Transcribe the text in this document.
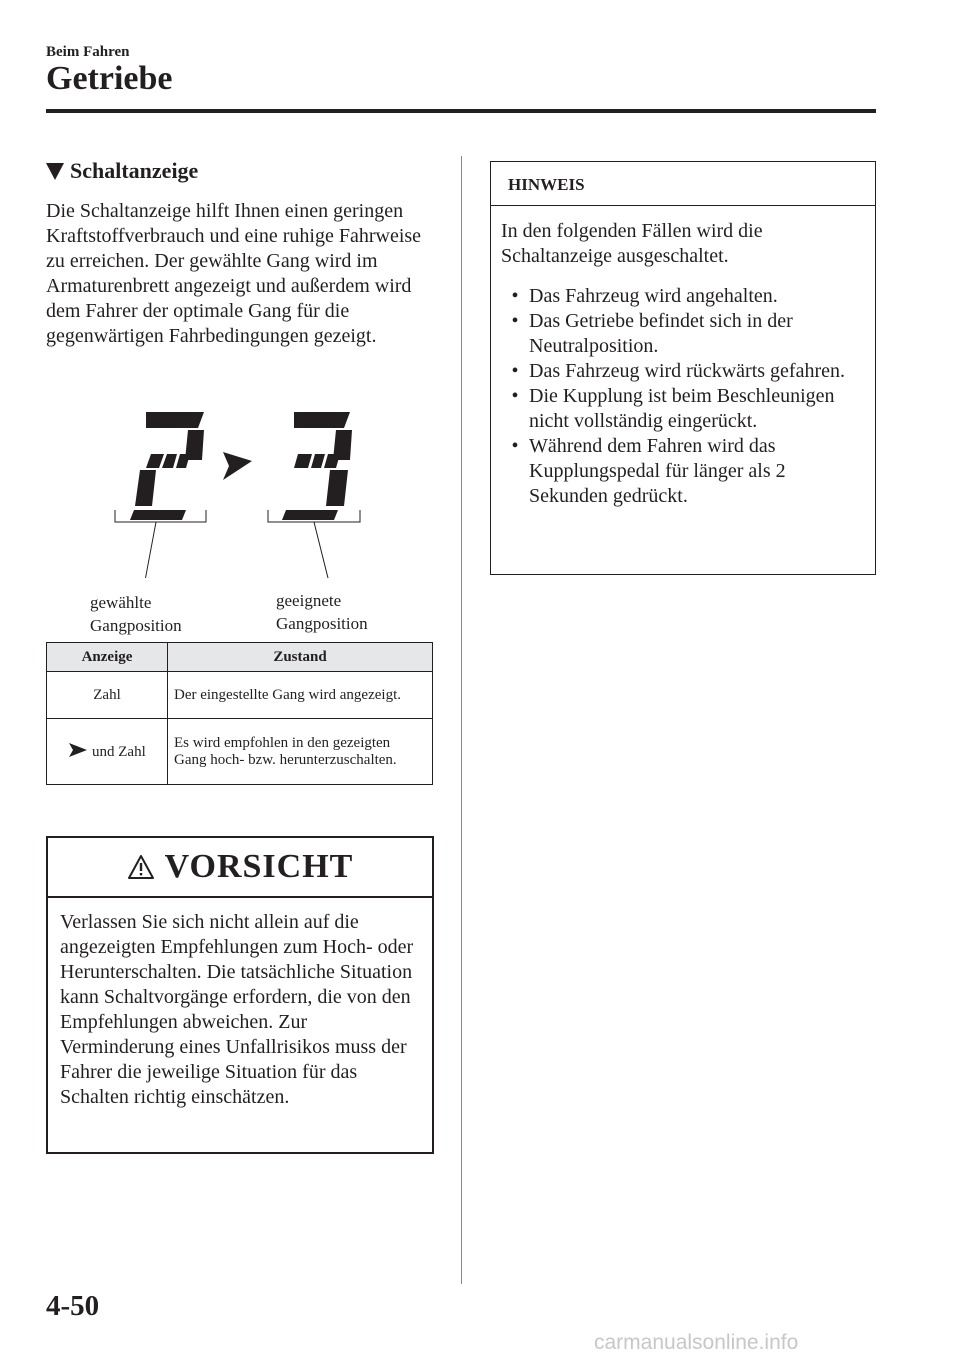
Beim Fahren
Getriebe
Schaltanzeige
Die Schaltanzeige hilft Ihnen einen geringen Kraftstoffverbrauch und eine ruhige Fahrweise zu erreichen. Der gewählte Gang wird im Armaturenbrett angezeigt und außerdem wird dem Fahrer der optimale Gang für die gegenwärtigen Fahrbedingungen gezeigt.
gewählte
Gangposition
geeignete
Gangposition
Anzeige	Zustand
Zahl	Der eingestellte Gang wird angezeigt.
und Zahl	Es wird empfohlen in den gezeigten Gang hoch- bzw. herunterzuschalten.
VORSICHT
Verlassen Sie sich nicht allein auf die angezeigten Empfehlungen zum Hoch- oder Herunterschalten. Die tatsächliche Situation kann Schaltvorgänge erfordern, die von den Empfehlungen abweichen. Zur Verminderung eines Unfallrisikos muss der Fahrer die jeweilige Situation für das Schalten richtig einschätzen.
HINWEIS
In den folgenden Fällen wird die Schaltanzeige ausgeschaltet.
• Das Fahrzeug wird angehalten.
• Das Getriebe befindet sich in der Neutralposition.
• Das Fahrzeug wird rückwärts gefahren.
• Die Kupplung ist beim Beschleunigen nicht vollständig eingerückt.
• Während dem Fahren wird das Kupplungspedal für länger als 2 Sekunden gedrückt.
4-50
carmanualsonline.info
